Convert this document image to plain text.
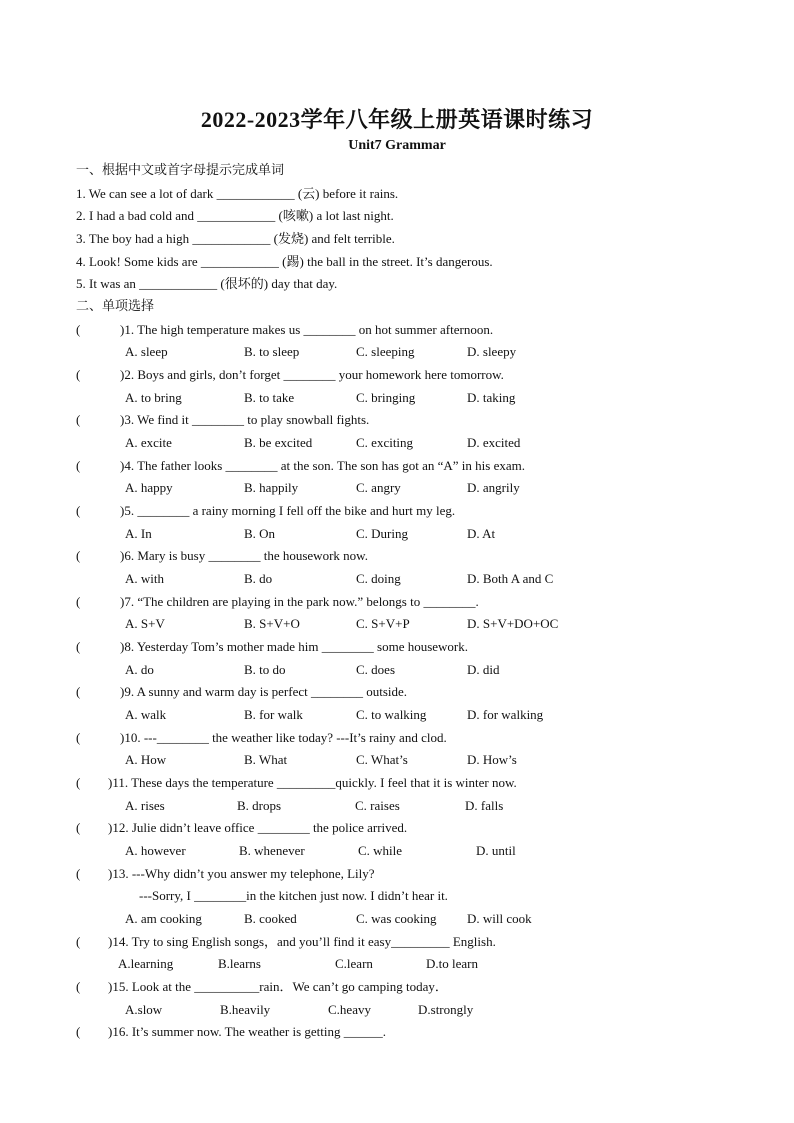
2022-2023学年八年级上册英语课时练习
Unit7 Grammar
一、根据中文或首字母提示完成单词
1. We can see a lot of dark ____________ (云) before it rains.
2. I had a bad cold and ____________ (咳嗽) a lot last night.
3. The boy had a high ____________ (发烧) and felt terrible.
4. Look! Some kids are ____________ (踢) the ball in the street. It’s dangerous.
5. It was an ____________ (很坏的) day that day.
二、单项选择
(	)1. The high temperature makes us ________ on hot summer afternoon.
A. sleep	B. to sleep	C. sleeping	D. sleepy
(	)2. Boys and girls, don’t forget ________ your homework here tomorrow.
A. to bring	B. to take	C. bringing	D. taking
(	)3. We find it ________ to play snowball fights.
A. excite	B. be excited	C. exciting	D. excited
(	)4. The father looks ________ at the son. The son has got an “A” in his exam.
A. happy	B. happily	C. angry	D. angrily
(	)5. ________ a rainy morning I fell off the bike and hurt my leg.
A. In	B. On	C. During	D. At
(	)6. Mary is busy ________ the housework now.
A. with	B. do	C. doing	D. Both A and C
(	)7. “The children are playing in the park now.” belongs to ________.
A. S+V	B. S+V+O	C. S+V+P	D. S+V+DO+OC
(	)8. Yesterday Tom’s mother made him ________ some housework.
A. do	B. to do	C. does	D. did
(	)9. A sunny and warm day is perfect ________ outside.
A. walk	B. for walk	C. to walking	D. for walking
(	)10. ---________ the weather like today? ---It’s rainy and clod.
A. How	B. What	C. What’s	D. How’s
( )11. These days the temperature _________quickly. I feel that it is winter now.
A. rises	B. drops	C. raises	D. falls
( )12. Julie didn’t leave office ________ the police arrived.
A. however	B. whenever	C. while	D. until
( )13. ---Why didn’t you answer my telephone, Lily?
---Sorry, I ________in the kitchen just now. I didn’t hear it.
A. am cooking	B. cooked	C. was cooking D. will cook
( )14. Try to sing English songs，and you’ll find it easy_________ English.
A.learning	B.learns	C.learn	D.to learn
( )15. Look at the __________rain．We can’t go camping today．
A.slow	B.heavily	C.heavy	D.strongly
( )16. It’s summer now. The weather is getting ______.
